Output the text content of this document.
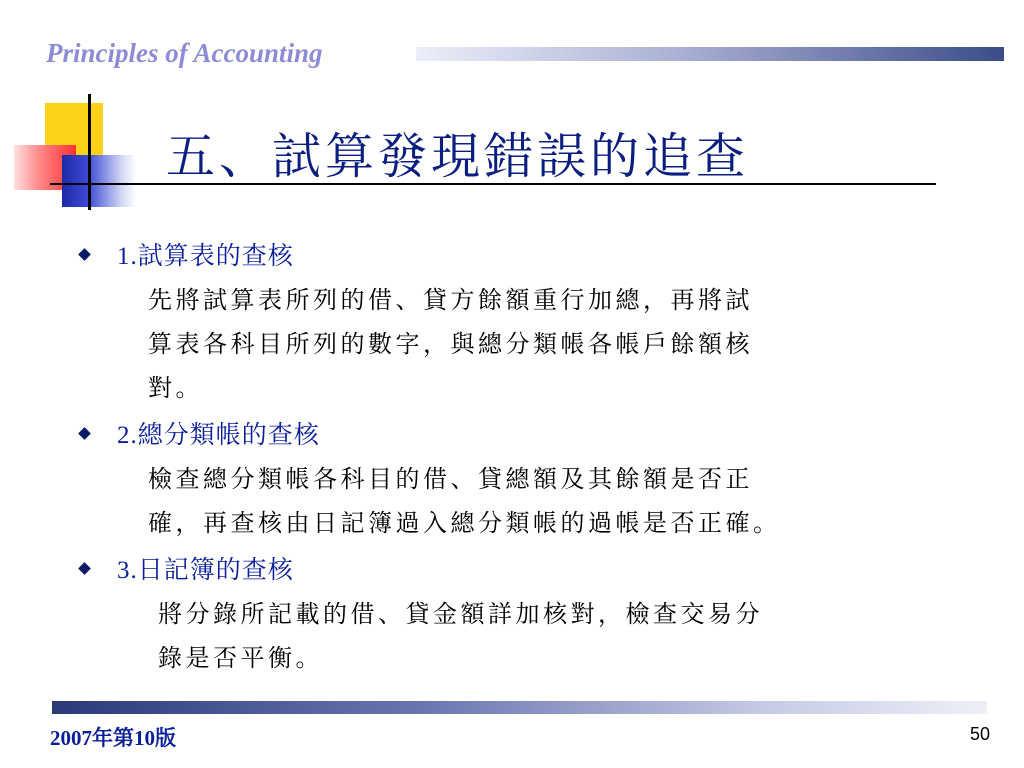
Principles of Accounting
五、試算發現錯誤的追查
1.試算表的查核
先將試算表所列的借、貸方餘額重行加總，再將試
算表各科目所列的數字，與總分類帳各帳戶餘額核
對。
2.總分類帳的查核
檢查總分類帳各科目的借、貸總額及其餘額是否正
確，再查核由日記簿過入總分類帳的過帳是否正確。
3.日記簿的查核
將分錄所記載的借、貸金額詳加核對，檢查交易分
錄是否平衡。
2007年第10版	50
